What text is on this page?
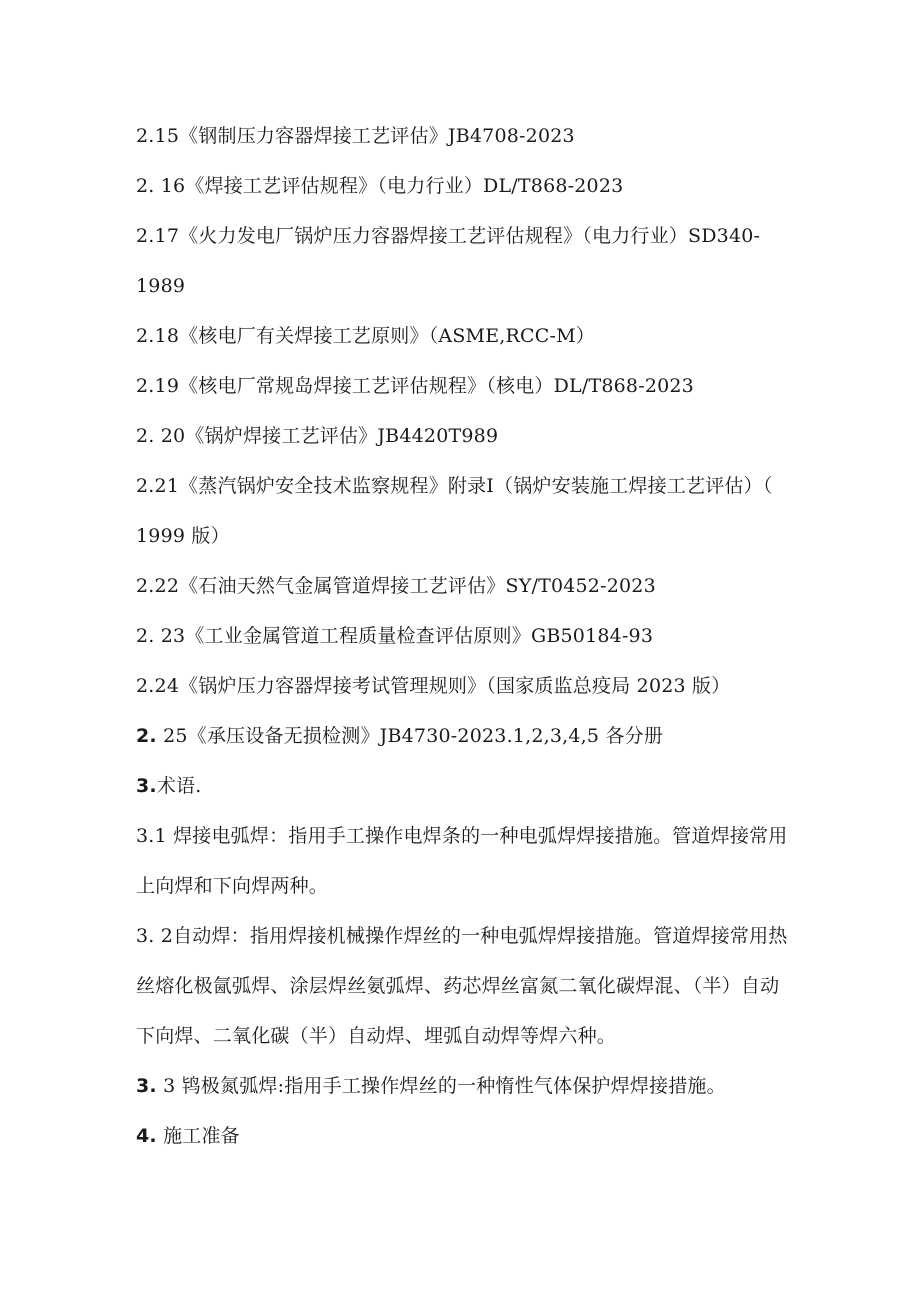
2.15《钢制压力容器焊接工艺评估》JB4708-2023
2. 16《焊接工艺评估规程》（电力行业）DL/T868-2023
2.17《火力发电厂锅炉压力容器焊接工艺评估规程》（电力行业）SD340-
1989
2.18《核电厂有关焊接工艺原则》（ASME,RCC-M）
2.19《核电厂常规岛焊接工艺评估规程》（核电）DL/T868-2023
2. 20《锅炉焊接工艺评估》JB4420T989
2.21《蒸汽锅炉安全技术监察规程》附录Ⅰ（锅炉安装施工焊接工艺评估）（
1999 版）
2.22《石油天然气金属管道焊接工艺评估》SY/T0452-2023
2. 23《工业金属管道工程质量检查评估原则》GB50184-93
2.24《锅炉压力容器焊接考试管理规则》（国家质监总疫局 2023 版）
2. 25《承压设备无损检测》JB4730-2023.1,2,3,4,5 各分册
3.术语.
3.1 焊接电弧焊：指用手工操作电焊条的一种电弧焊焊接措施。管道焊接常用
上向焊和下向焊两种。
3. 2自动焊：指用焊接机械操作焊丝的一种电弧焊焊接措施。管道焊接常用热
丝熔化极氤弧焊、涂层焊丝氨弧焊、药芯焊丝富氮二氧化碳焊混、（半）自动
下向焊、二氧化碳（半）自动焊、埋弧自动焊等焊六种。
3. 3 鸨极氮弧焊:指用手工操作焊丝的一种惰性气体保护焊焊接措施。
4. 施工准备
